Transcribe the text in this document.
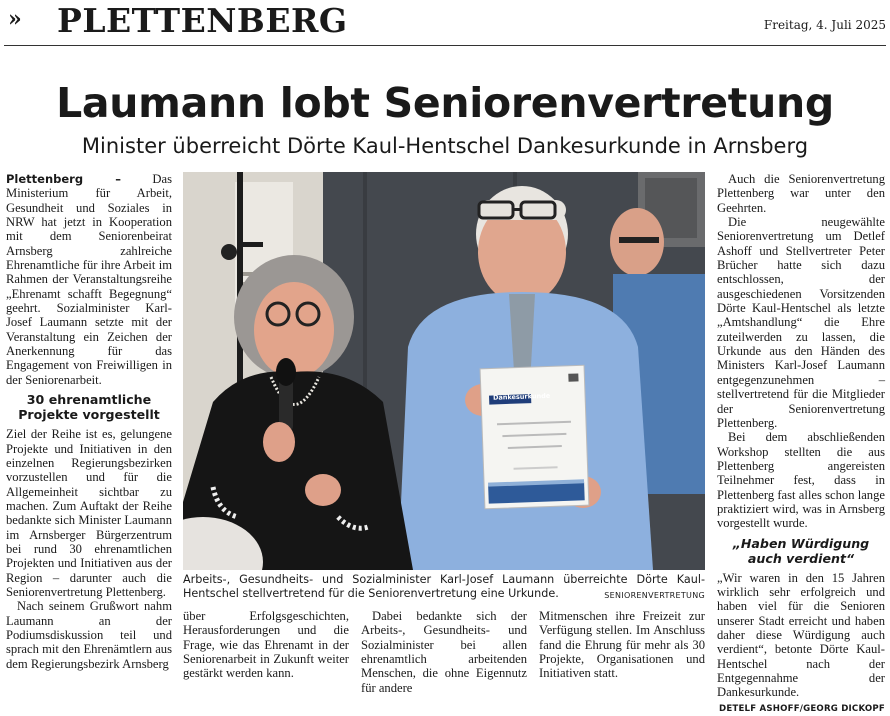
» PLETTENBERG	Freitag, 4. Juli 2025
Laumann lobt Seniorenvertretung
Minister überreicht Dörte Kaul-Hentschel Dankesurkunde in Arnsberg

Plettenberg – Das Ministerium für Arbeit, Gesundheit und Soziales in NRW hat jetzt in Kooperation mit dem Seniorenbeirat Arnsberg zahlreiche Ehrenamtliche für ihre Arbeit im Rahmen der Veranstaltungsreihe „Ehrenamt schafft Begegnung“ geehrt. Sozialminister Karl-Josef Laumann setzte mit der Veranstaltung ein Zeichen der Anerkennung für das Engagement von Freiwilligen in der Seniorenarbeit.

30 ehrenamtliche Projekte vorgestellt

Ziel der Reihe ist es, gelungene Projekte und Initiativen in den einzelnen Regierungsbezirken vorzustellen und für die Allgemeinheit sichtbar zu machen. Zum Auftakt der Reihe bedankte sich Minister Laumann im Arnsberger Bürgerzentrum bei rund 30 ehrenamtlichen Projekten und Initiativen aus der Region – darunter auch die Seniorenvertretung Plettenberg.

Nach seinem Grußwort nahm Laumann an der Podiumsdiskussion teil und sprach mit den Ehrenämtlern aus dem Regierungsbezirk Arnsberg

Dankesurkunde
Arbeits-, Gesundheits- und Sozialminister Karl-Josef Laumann überreichte Dörte Kaul-Hentschel stellvertretend für die Seniorenvertretung eine Urkunde.	SENIORENVERTRETUNG

über Erfolgsgeschichten, Herausforderungen und die Frage, wie das Ehrenamt in der Seniorenarbeit in Zukunft weiter gestärkt werden kann.

Dabei bedankte sich der Arbeits-, Gesundheits- und Sozialminister bei allen ehrenamtlich arbeitenden Menschen, die ohne Eigennutz für andere

Mitmenschen ihre Freizeit zur Verfügung stellen. Im Anschluss fand die Ehrung für mehr als 30 Projekte, Organisationen und Initiativen statt.

Auch die Seniorenvertretung Plettenberg war unter den Geehrten.

Die neugewählte Seniorenvertretung um Detlef Ashoff und Stellvertreter Peter Brücher hatte sich dazu entschlossen, der ausgeschiedenen Vorsitzenden Dörte Kaul-Hentschel als letzte „Amtshandlung“ die Ehre zuteilwerden zu lassen, die Urkunde aus den Händen des Ministers Karl-Josef Laumann entgegenzunehmen – stellvertretend für die Mitglieder der Seniorenvertretung Plettenberg.

Bei dem abschließenden Workshop stellten die aus Plettenberg angereisten Teilnehmer fest, dass in Plettenberg fast alles schon lange praktiziert wird, was in Arnsberg vorgestellt wurde.

„Haben Würdigung auch verdient“

„Wir waren in den 15 Jahren wirklich sehr erfolgreich und haben viel für die Senioren unserer Stadt erreicht und haben daher diese Würdigung auch verdient“, betonte Dörte Kaul-Hentschel nach der Entgegennahme der Dankesurkunde.

DETELF ASHOFF/GEORG DICKOPF
